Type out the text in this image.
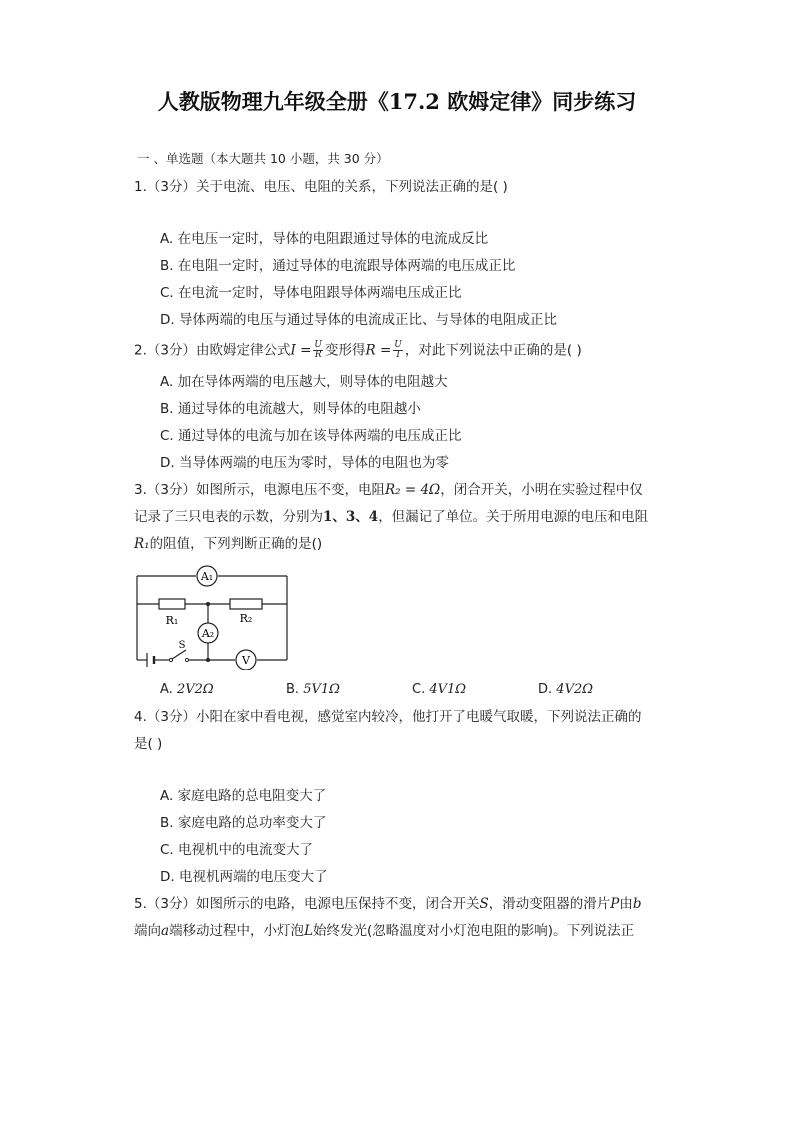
人教版物理九年级全册《17.2 欧姆定律》同步练习
一 、单选题（本大题共 10 小题，共 30 分）
1.（3分）关于电流、电压、电阻的关系，下列说法正确的是( )
A. 在电压一定时，导体的电阻跟通过导体的电流成反比
B. 在电阻一定时，通过导体的电流跟导体两端的电压成正比
C. 在电流一定时，导体电阻跟导体两端电压成正比
D. 导体两端的电压与通过导体的电流成正比、与导体的电阻成正比
2.（3分）由欧姆定律公式$I = \frac{U}{R}$ 变形得$R = \frac{U}{I}$ ，对此下列说法中正确的是( )
A. 加在导体两端的电压越大，则导体的电阻越大
B. 通过导体的电流越大，则导体的电阻越小
C. 通过导体的电流与加在该导体两端的电压成正比
D. 当导体两端的电压为零时，导体的电阻也为零
3.（3分）如图所示，电源电压不变，电阻R₂ = 4Ω，闭合开关，小明在实验过程中仅
记录了三只电表的示数，分别为1、3、4，但漏记了单位。关于所用电源的电压和电阻
R₁的阻值，下列判断正确的是()
A₁
A₂
V
R₁	R₂
S
A. 2V2Ω	B. 5V1Ω	C. 4V1Ω	D. 4V2Ω
4.（3分）小阳在家中看电视，感觉室内较冷，他打开了电暖气取暖，下列说法正确的
是( )
A. 家庭电路的总电阻变大了
B. 家庭电路的总功率变大了
C. 电视机中的电流变大了
D. 电视机两端的电压变大了
5.（3分）如图所示的电路，电源电压保持不变，闭合开关S，滑动变阻器的滑片P由b
端向a端移动过程中，小灯泡L始终发光(忽略温度对小灯泡电阻的影响)。下列说法正
